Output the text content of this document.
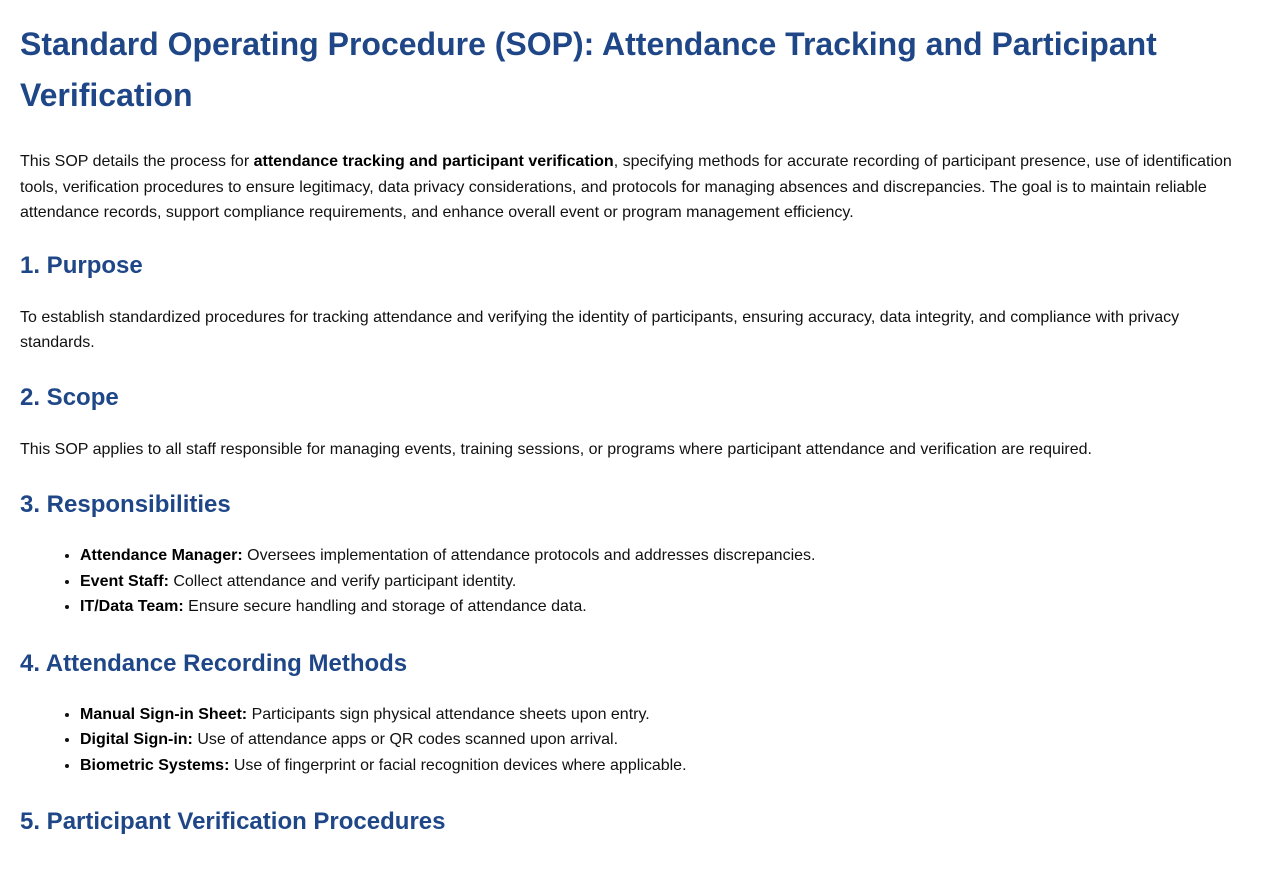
Standard Operating Procedure (SOP): Attendance Tracking and Participant Verification

This SOP details the process for attendance tracking and participant verification, specifying methods for accurate recording of participant presence, use of identification tools, verification procedures to ensure legitimacy, data privacy considerations, and protocols for managing absences and discrepancies. The goal is to maintain reliable attendance records, support compliance requirements, and enhance overall event or program management efficiency.

1. Purpose

To establish standardized procedures for tracking attendance and verifying the identity of participants, ensuring accuracy, data integrity, and compliance with privacy standards.

2. Scope

This SOP applies to all staff responsible for managing events, training sessions, or programs where participant attendance and verification are required.

3. Responsibilities
• Attendance Manager: Oversees implementation of attendance protocols and addresses discrepancies.
• Event Staff: Collect attendance and verify participant identity.
• IT/Data Team: Ensure secure handling and storage of attendance data.
4. Attendance Recording Methods
• Manual Sign-in Sheet: Participants sign physical attendance sheets upon entry.
• Digital Sign-in: Use of attendance apps or QR codes scanned upon arrival.
• Biometric Systems: Use of fingerprint or facial recognition devices where applicable.
5. Participant Verification Procedures
